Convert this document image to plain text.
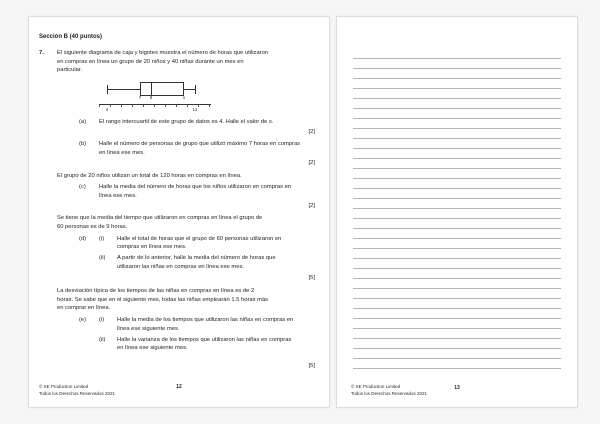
Sección B (40 puntos)
7.	El siguiente diagrama de caja y bigotes muestra el número de horas que utilizaron en compras en línea un grupo de 20 niños y 40 niñas durante un mes en particular.

7 8	s
4	12
(a)	El rango intercuartil de este grupo de datos es 4. Halle el valor de s.
[2]
(b)	Halle el número de personas de grupo que utilizó máximo 7 horas en compras en línea ese mes.
[2]

El grupo de 20 niños utilizan un total de 120 horas en compras en línea.

(c)	Halle la media del número de horas que los niños utilizaron en compras en línea ese mes.
[2]

Se tiene que la media del tiempo que utilizaron en compras en línea el grupo de 60 personas es de 9 horas.

(d)	(i)	Halle el total de horas que el grupo de 60 personas utilizaron en compras en línea ese mes.
(ii)	A partir de lo anterior, halle la media del número de horas que utilizaron las niñas en compras en línea ese mes.
[5]

La desviación típica de los tiempos de las niñas en compras en línea es de 2 horas. Se sabe que en el siguiente mes, todas las niñas emplearán 1.5 horas más en comprar en línea.

(e)	(i)	Halle la media de los tiempos que utilizaron las niñas en compras en línea ese siguiente mes.
(ii)	Halle la varianza de los tiempos que utilizaron las niñas en compras en línea ese siguiente mes.
[5]
© SE Production Limited
Todos los Derechos Reservados 2021
12	© SE Production Limited
Todos los Derechos Reservados 2021
13
